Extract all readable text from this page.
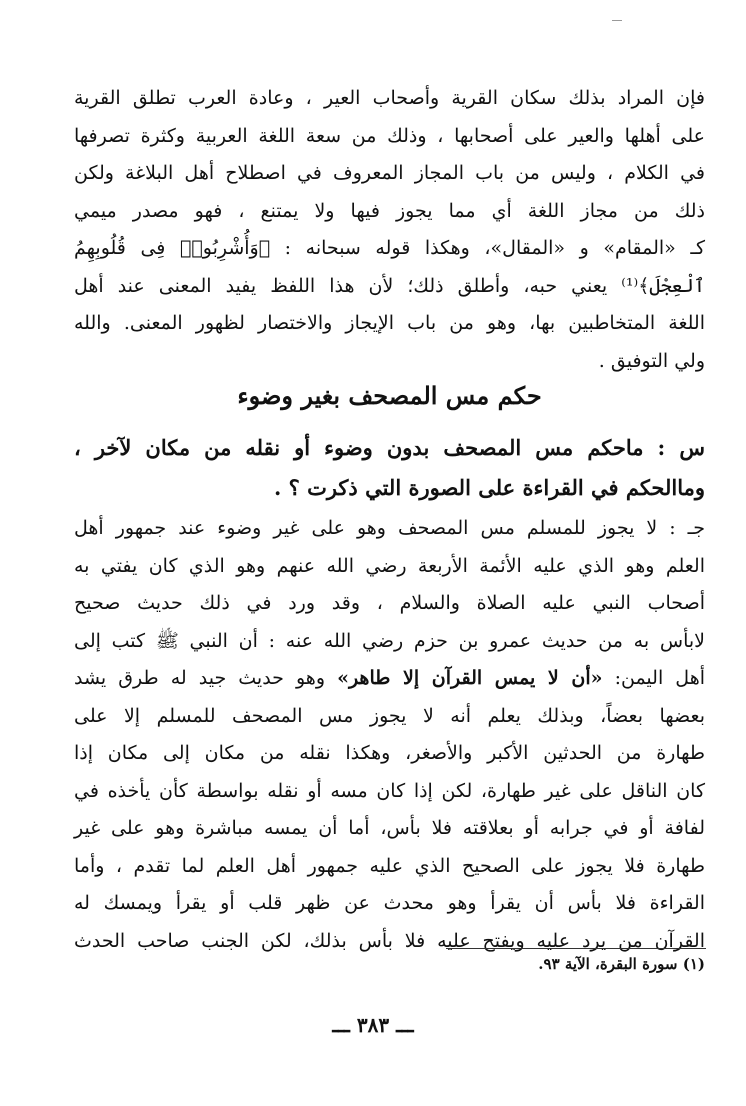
فإن المراد بذلك سكان القرية وأصحاب العير ، وعادة العرب تطلق القرية
على أهلها والعير على أصحابها ، وذلك من سعة اللغة العربية وكثرة تصرفها
في الكلام ، وليس من باب المجاز المعروف في اصطلاح أهل البلاغة ولكن
ذلك من مجاز اللغة أي مما يجوز فيها ولا يمتنع ، فهو مصدر ميمي
كـ «المقام» و «المقال»، وهكذا قوله سبحانه : ﴿وَأُشْرِبُوا۟ فِى قُلُوبِهِمُ
ٱلْعِجْلَ﴾⁽¹⁾ يعني حبه، وأطلق ذلك؛ لأن هذا اللفظ يفيد المعنى عند أهل
اللغة المتخاطبين بها، وهو من باب الإيجاز والاختصار لظهور المعنى. والله
ولي التوفيق .
حكم مس المصحف بغير وضوء
س : ماحكم مس المصحف بدون وضوء أو نقله من مكان لآخر ،
وماالحكم في القراءة على الصورة التي ذكرت ؟ .
جـ : لا يجوز للمسلم مس المصحف وهو على غير وضوء عند جمهور أهل
العلم وهو الذي عليه الأئمة الأربعة رضي الله عنهم وهو الذي كان يفتي به
أصحاب النبي عليه الصلاة والسلام ، وقد ورد في ذلك حديث صحيح
لابأس به من حديث عمرو بن حزم رضي الله عنه : أن النبي ﷺ كتب إلى
أهل اليمن: «أن لا يمس القرآن إلا طاهر» وهو حديث جيد له طرق يشد
بعضها بعضاً، وبذلك يعلم أنه لا يجوز مس المصحف للمسلم إلا على
طهارة من الحدثين الأكبر والأصغر، وهكذا نقله من مكان إلى مكان إذا
كان الناقل على غير طهارة، لكن إذا كان مسه أو نقله بواسطة كأن يأخذه في
لفافة أو في جرابه أو بعلاقته فلا بأس، أما أن يمسه مباشرة وهو على غير
طهارة فلا يجوز على الصحيح الذي عليه جمهور أهل العلم لما تقدم ، وأما
القراءة فلا بأس أن يقرأ وهو محدث عن ظهر قلب أو يقرأ ويمسك له
القرآن من يرد عليه ويفتح عليه فلا بأس بذلك، لكن الجنب صاحب الحدث
(١) سورة البقرة، الآية ٩٣.
ـــ ٣٨٣ ـــ
